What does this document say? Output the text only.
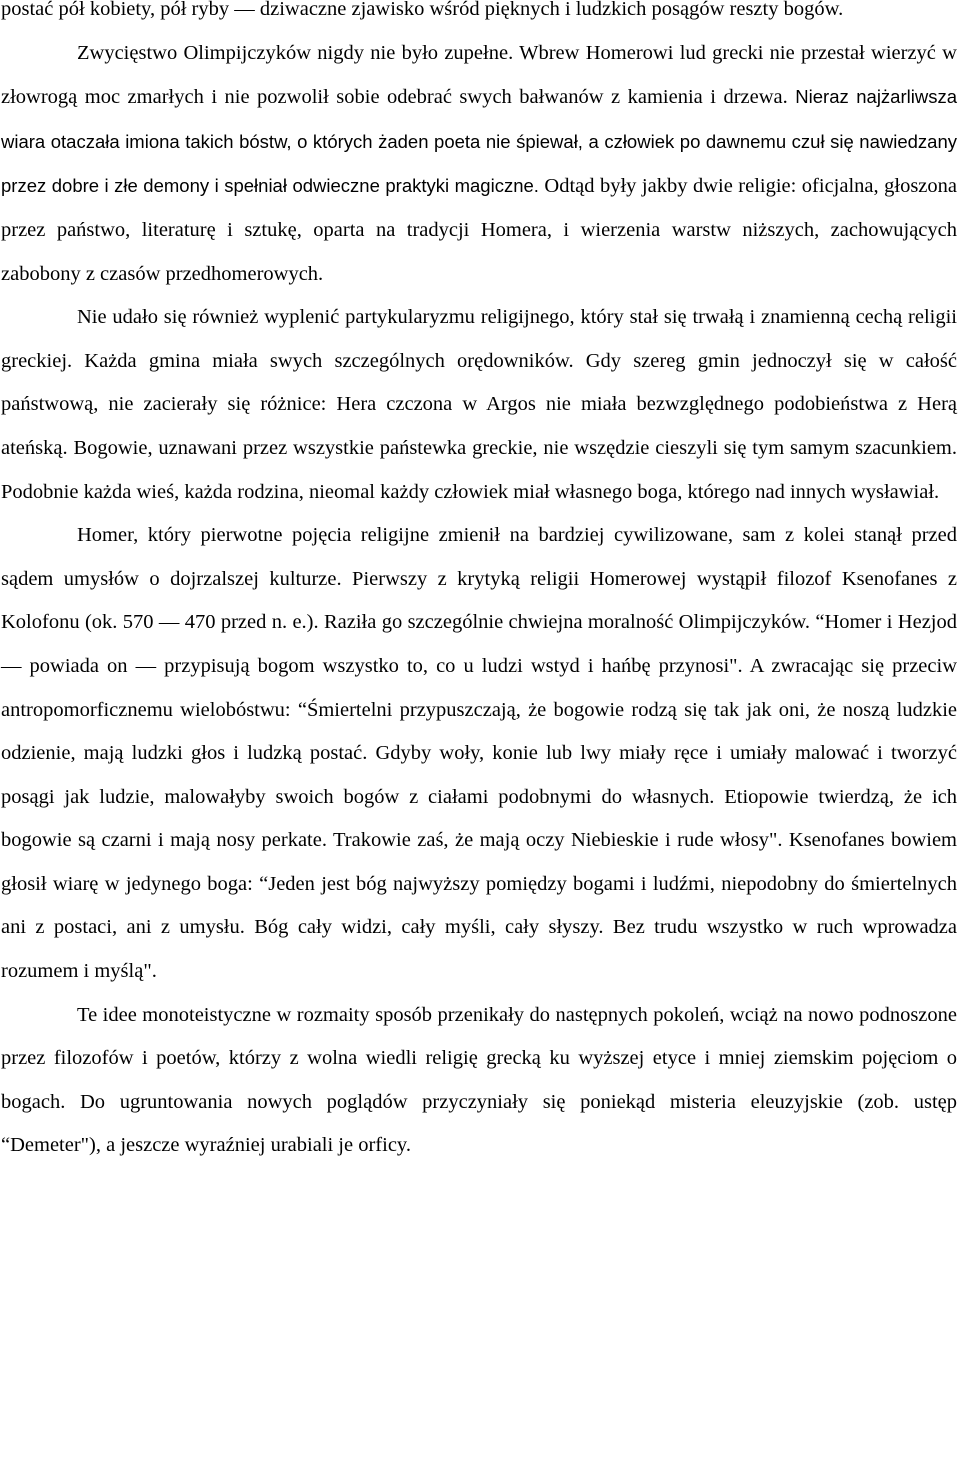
postać pół kobiety, pół ryby — dziwaczne zjawisko wśród pięknych i ludzkich posągów reszty bogów.

Zwycięstwo Olimpijczyków nigdy nie było zupełne. Wbrew Homerowi lud grecki nie przestał wierzyć w złowrogą moc zmarłych i nie pozwolił sobie odebrać swych bałwanów z kamienia i drzewa. Nieraz najżarliwsza wiara otaczała imiona takich bóstw, o których żaden poeta nie śpiewał, a człowiek po dawnemu czuł się nawiedzany przez dobre i złe demony i spełniał odwieczne praktyki magiczne. Odtąd były jakby dwie religie: oficjalna, głoszona przez państwo, literaturę i sztukę, oparta na tradycji Homera, i wierzenia warstw niższych, zachowujących zabobony z czasów przedhomerowych.

Nie udało się również wyplenić partykularyzmu religijnego, który stał się trwałą i znamienną cechą religii greckiej. Każda gmina miała swych szczególnych orędowników. Gdy szereg gmin jednoczył się w całość państwową, nie zacierały się różnice: Hera czczona w Argos nie miała bezwzględnego podobieństwa z Herą ateńską. Bogowie, uznawani przez wszystkie państewka greckie, nie wszędzie cieszyli się tym samym szacunkiem. Podobnie każda wieś, każda rodzina, nieomal każdy człowiek miał własnego boga, którego nad innych wysławiał.

Homer, który pierwotne pojęcia religijne zmienił na bardziej cywilizowane, sam z kolei stanął przed sądem umysłów o dojrzalszej kulturze. Pierwszy z krytyką religii Homerowej wystąpił filozof Ksenofanes z Kolofonu (ok. 570 — 470 przed n. e.). Raziła go szczególnie chwiejna moralność Olimpijczyków. “Homer i Hezjod — powiada on — przypisują bogom wszystko to, co u ludzi wstyd i hańbę przynosi". A zwracając się przeciw antropomorficznemu wielobóstwu: “Śmiertelni przypuszczają, że bogowie rodzą się tak jak oni, że noszą ludzkie odzienie, mają ludzki głos i ludzką postać. Gdyby woły, konie lub lwy miały ręce i umiały malować i tworzyć posągi jak ludzie, malowałyby swoich bogów z ciałami podobnymi do własnych. Etiopowie twierdzą, że ich bogowie są czarni i mają nosy perkate. Trakowie zaś, że mają oczy Niebieskie i rude włosy". Ksenofanes bowiem głosił wiarę w jedynego boga: “Jeden jest bóg najwyższy pomiędzy bogami i ludźmi, niepodobny do śmiertelnych ani z postaci, ani z umysłu. Bóg cały widzi, cały myśli, cały słyszy. Bez trudu wszystko w ruch wprowadza rozumem i myślą".

Te idee monoteistyczne w rozmaity sposób przenikały do następnych pokoleń, wciąż na nowo podnoszone przez filozofów i poetów, którzy z wolna wiedli religię grecką ku wyższej etyce i mniej ziemskim pojęciom o bogach. Do ugruntowania nowych poglądów przyczyniały się poniekąd misteria eleuzyjskie (zob. ustęp “Demeter"), a jeszcze wyraźniej urabiali je orficy.
